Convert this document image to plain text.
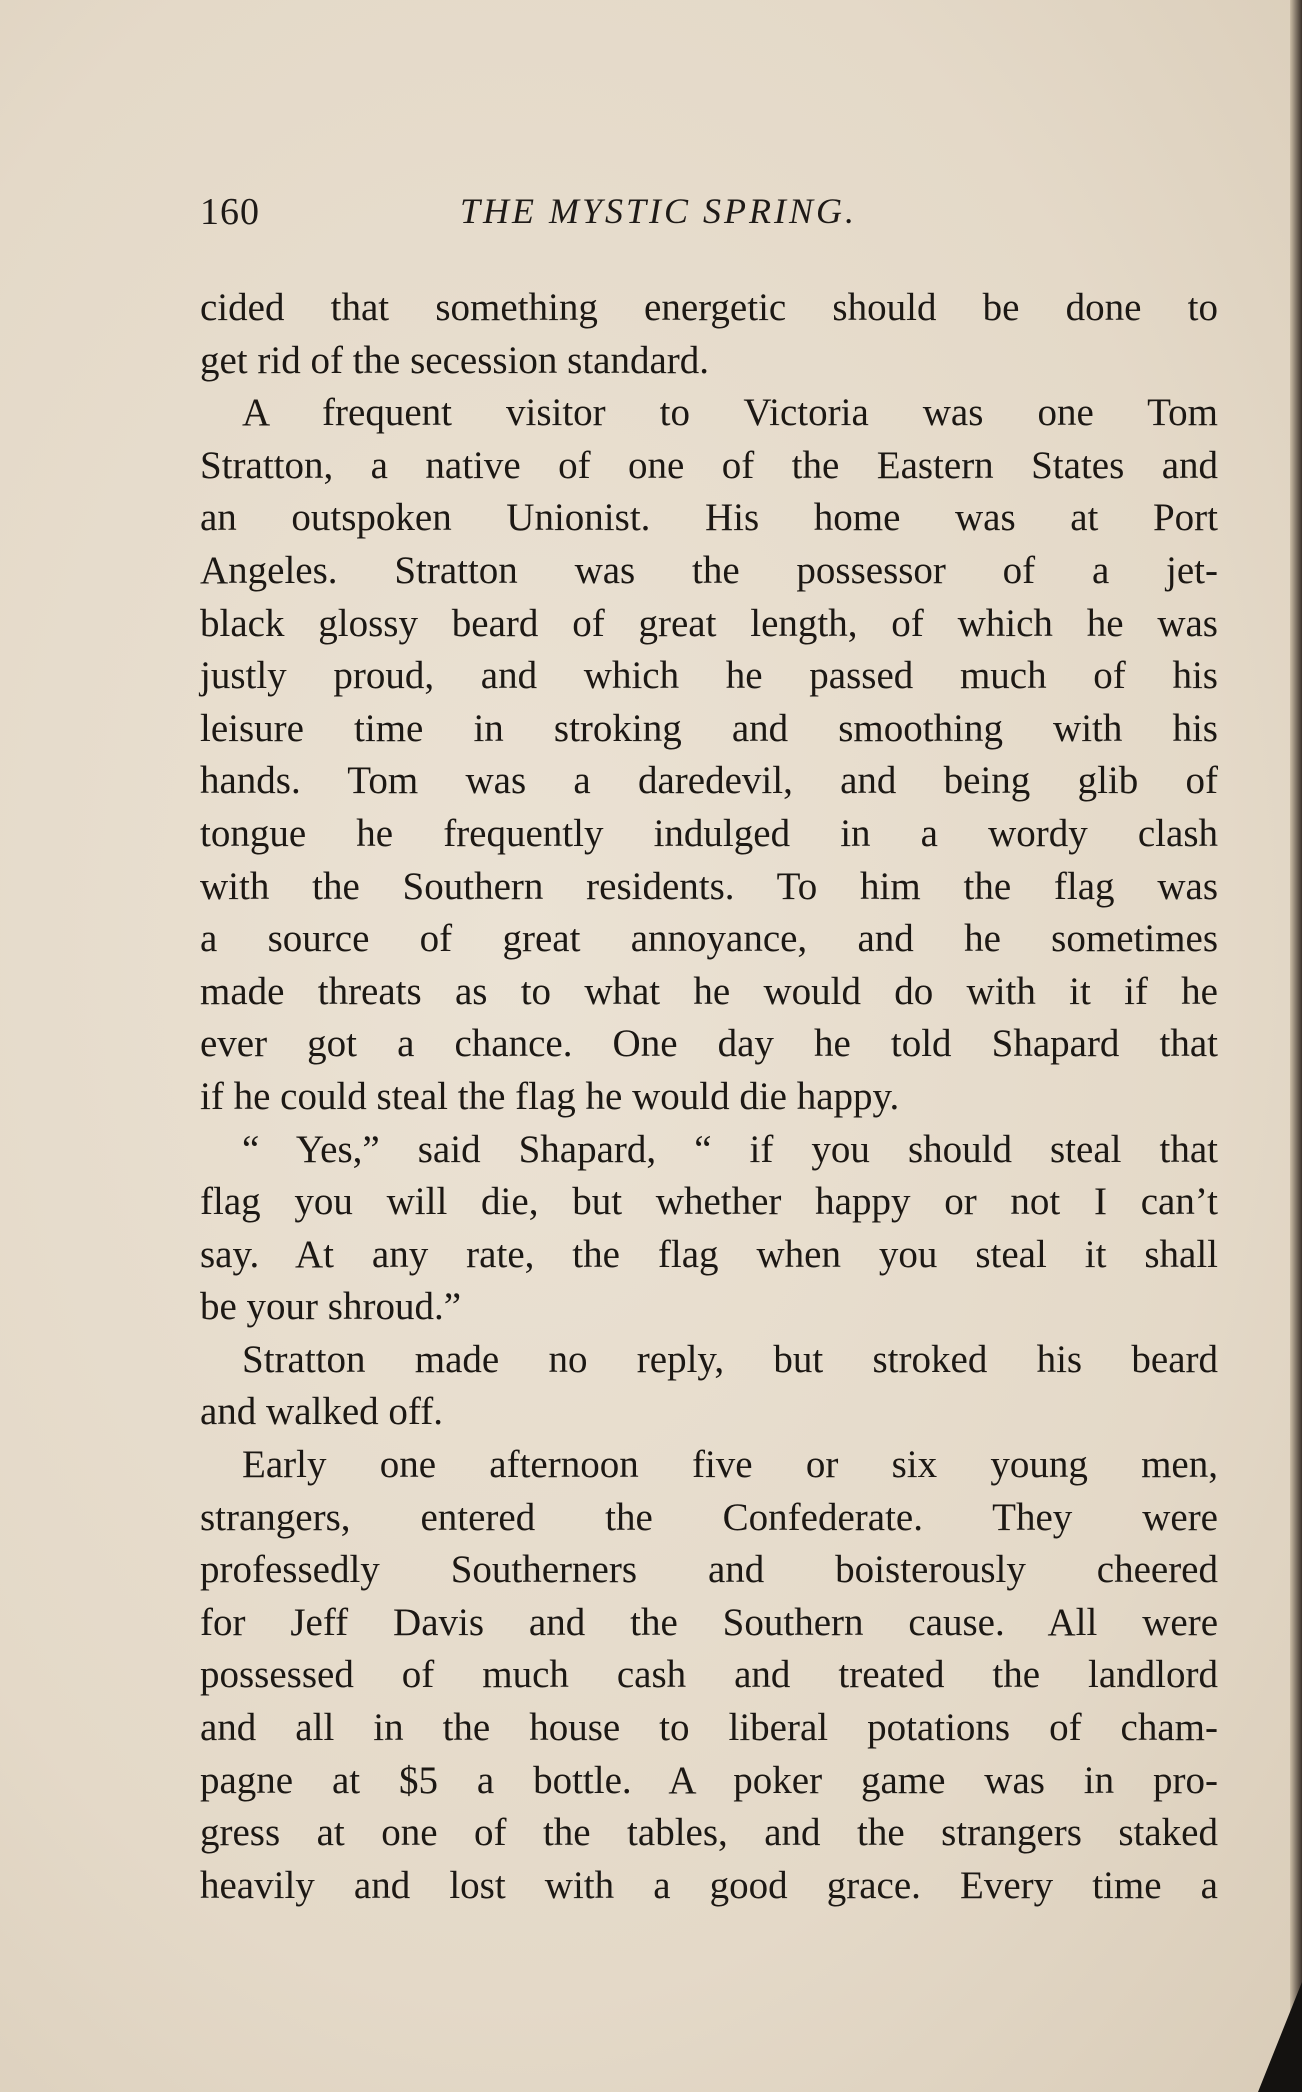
160	THE MYSTIC SPRING.
cided that something energetic should be done to
get rid of the secession standard.
A frequent visitor to Victoria was one Tom
Stratton, a native of one of the Eastern States and
an outspoken Unionist. His home was at Port
Angeles. Stratton was the possessor of a jet-
black glossy beard of great length, of which he was
justly proud, and which he passed much of his
leisure time in stroking and smoothing with his
hands. Tom was a daredevil, and being glib of
tongue he frequently indulged in a wordy clash
with the Southern residents. To him the flag was
a source of great annoyance, and he sometimes
made threats as to what he would do with it if he
ever got a chance. One day he told Shapard that
if he could steal the flag he would die happy.
“ Yes,” said Shapard, “ if you should steal that
flag you will die, but whether happy or not I can’t
say. At any rate, the flag when you steal it shall
be your shroud.”
Stratton made no reply, but stroked his beard
and walked off.
Early one afternoon five or six young men,
strangers, entered the Confederate. They were
professedly Southerners and boisterously cheered
for Jeff Davis and the Southern cause. All were
possessed of much cash and treated the landlord
and all in the house to liberal potations of cham-
pagne at $5 a bottle. A poker game was in pro-
gress at one of the tables, and the strangers staked
heavily and lost with a good grace. Every time a
